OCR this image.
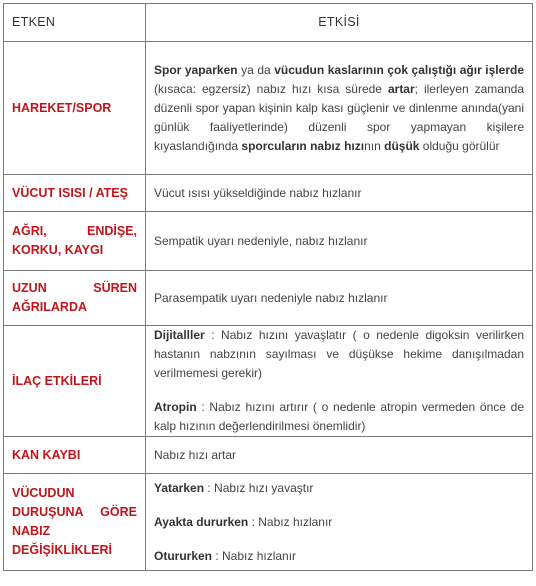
ETKEN	ETKİSİ
HAREKET/SPOR	Spor yaparken ya da vücudun kaslarının çok çalıştığı ağır işlerde (kısaca: egzersiz) nabız hızı kısa sürede artar; ilerleyen zamanda düzenli spor yapan kişinin kalp kası güçlenir ve dinlenme anında(yani günlük faaliyetlerinde) düzenli spor yapmayan kişilere kıyaslandığında sporcuların nabız hızının düşük olduğu görülür
VÜCUT ISISI / ATEŞ	Vücut ısısı yükseldiğinde nabız hızlanır
AĞRI, ENDİŞE, KORKU, KAYGI	Sempatik uyarı nedeniyle, nabız hızlanır
UZUN SÜREN AĞRILARDA	Parasempatik uyarı nedeniyle nabız hızlanır
İLAÇ ETKİLERİ	Dijitalller : Nabız hızını yavaşlatır ( o nedenle digoksin verilirken hastanın nabzının sayılması ve düşükse hekime danışılmadan verilmemesi gerekir)

Atropin : Nabız hızını artırır ( o nedenle atropin vermeden önce de kalp hızının değerlendirilmesi önemlidir)

KAN KAYBI	Nabız hızı artar
VÜCUDUN DURUŞUNA GÖRE NABIZ DEĞİŞİKLİKLERİ	Yatarken : Nabız hızı yavaştır

Ayakta dururken : Nabız hızlanır

Otururken : Nabız hızlanır
